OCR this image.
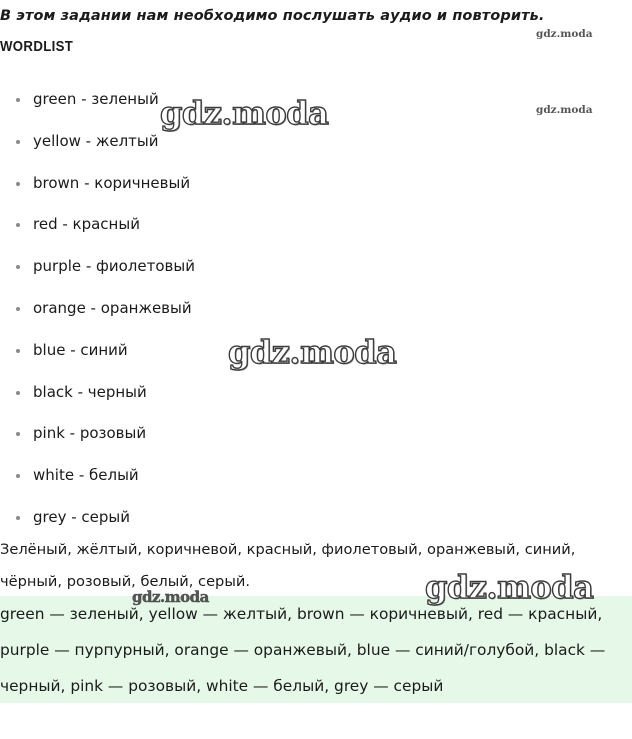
В этом задании нам необходимо послушать аудио и повторить.
WORDLIST
green - зеленый
yellow - желтый
brown - коричневый
red - красный
purple - фиолетовый
orange - оранжевый
blue - синий
black - черный
pink - розовый
white - белый
grey - серый
Зелёный, жёлтый, коричневой, красный, фиолетовый, оранжевый, синий,
чёрный, розовый, белый, серый.

green — зеленый, yellow — желтый, brown — коричневый, red — красный, purple — пурпурный, orange — оранжевый, blue — синий/голубой, black — черный, pink — розовый, white — белый, grey — серый

gdz.moda
gdz.moda
gdz.moda
gdz.moda
gdz.moda
gdz.moda
